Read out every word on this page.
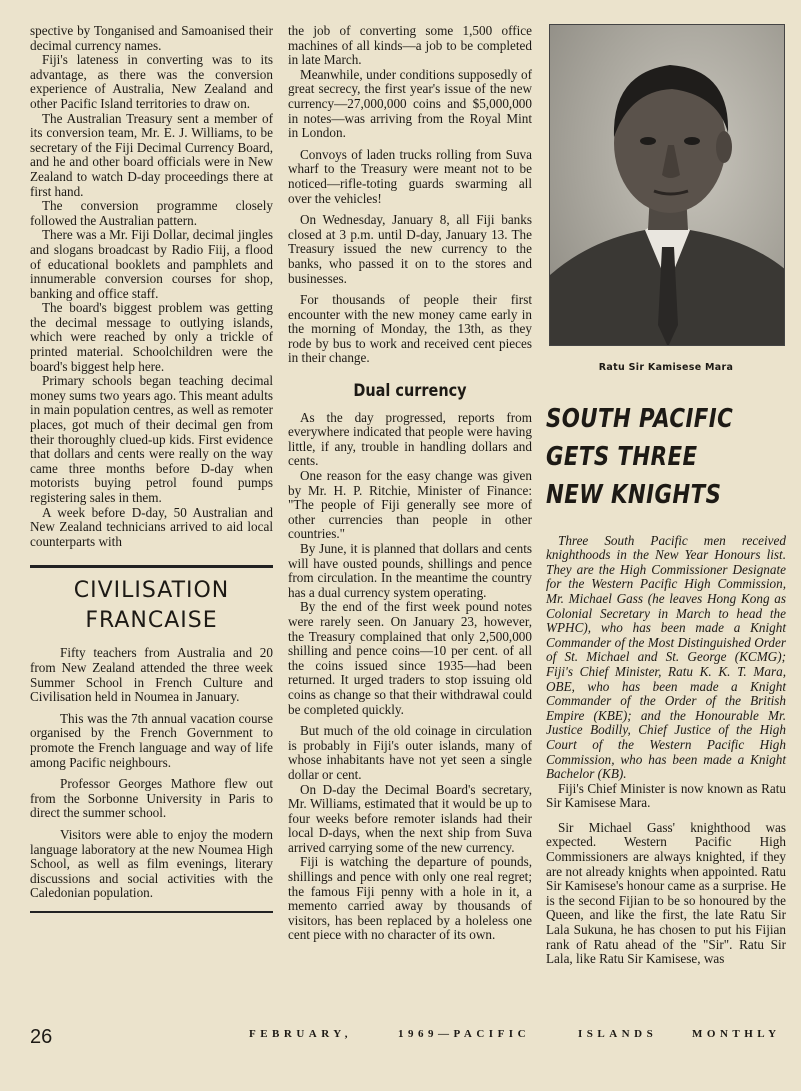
spective by Tonganised and Samoanised their decimal currency names.

Fiji's lateness in converting was to its advantage, as there was the conversion experience of Australia, New Zealand and other Pacific Island territories to draw on.

The Australian Treasury sent a member of its conversion team, Mr. E. J. Williams, to be secretary of the Fiji Decimal Currency Board, and he and other board officials were in New Zealand to watch D-day proceedings there at first hand.

The conversion programme closely followed the Australian pattern.

There was a Mr. Fiji Dollar, decimal jingles and slogans broadcast by Radio Fiij, a flood of educational booklets and pamphlets and innumerable conversion courses for shop, banking and office staff.

The board's biggest problem was getting the decimal message to outlying islands, which were reached by only a trickle of printed material. Schoolchildren were the board's biggest help here.

Primary schools began teaching decimal money sums two years ago. This meant adults in main population centres, as well as remoter places, got much of their decimal gen from their thoroughly clued-up kids. First evidence that dollars and cents were really on the way came three months before D-day when motorists buying petrol found pumps registering sales in them.

A week before D-day, 50 Australian and New Zealand technicians arrived to aid local counterparts with

CIVILISATION
FRANCAISE

Fifty teachers from Australia and 20 from New Zealand attended the three week Summer School in French Culture and Civilisation held in Noumea in January.

This was the 7th annual vacation course organised by the French Government to promote the French language and way of life among Pacific neighbours.

Professor Georges Mathore flew out from the Sorbonne University in Paris to direct the summer school.

Visitors were able to enjoy the modern language laboratory at the new Noumea High School, as well as film evenings, literary discussions and social activities with the Caledonian population.

the job of converting some 1,500 office machines of all kinds—a job to be completed in late March.

Meanwhile, under conditions supposedly of great secrecy, the first year's issue of the new currency—27,000,000 coins and $5,000,000 in notes—was arriving from the Royal Mint in London.

Convoys of laden trucks rolling from Suva wharf to the Treasury were meant not to be noticed—rifle-toting guards swarming all over the vehicles!

On Wednesday, January 8, all Fiji banks closed at 3 p.m. until D-day, January 13. The Treasury issued the new currency to the banks, who passed it on to the stores and businesses.

For thousands of people their first encounter with the new money came early in the morning of Monday, the 13th, as they rode by bus to work and received cent pieces in their change.

Dual currency

As the day progressed, reports from everywhere indicated that people were having little, if any, trouble in handling dollars and cents.

One reason for the easy change was given by Mr. H. P. Ritchie, Minister of Finance: "The people of Fiji generally see more of other currencies than people in other countries."

By June, it is planned that dollars and cents will have ousted pounds, shillings and pence from circulation. In the meantime the country has a dual currency system operating.

By the end of the first week pound notes were rarely seen. On January 23, however, the Treasury complained that only 2,500,000 shilling and pence coins—10 per cent. of all the coins issued since 1935—had been returned. It urged traders to stop issuing old coins as change so that their withdrawal could be completed quickly.

But much of the old coinage in circulation is probably in Fiji's outer islands, many of whose inhabitants have not yet seen a single dollar or cent.

On D-day the Decimal Board's secretary, Mr. Williams, estimated that it would be up to four weeks before remoter islands had their local D-days, when the next ship from Suva arrived carrying some of the new currency.

Fiji is watching the departure of pounds, shillings and pence with only one real regret; the famous Fiji penny with a hole in it, a memento carried away by thousands of visitors, has been replaced by a holeless one cent piece with no character of its own.

Ratu Sir Kamisese Mara
SOUTH PACIFIC
GETS THREE
NEW KNIGHTS

Three South Pacific men received knighthoods in the New Year Honours list. They are the High Commissioner Designate for the Western Pacific High Commission, Mr. Michael Gass (he leaves Hong Kong as Colonial Secretary in March to head the WPHC), who has been made a Knight Commander of the Most Distinguished Order of St. Michael and St. George (KCMG); Fiji's Chief Minister, Ratu K. K. T. Mara, OBE, who has been made a Knight Commander of the Order of the British Empire (KBE); and the Honourable Mr. Justice Bodilly, Chief Justice of the High Court of the Western Pacific High Commission, who has been made a Knight Bachelor (KB).

Fiji's Chief Minister is now known as Ratu Sir Kamisese Mara.

Sir Michael Gass' knighthood was expected. Western Pacific High Commissioners are always knighted, if they are not already knights when appointed. Ratu Sir Kamisese's honour came as a surprise. He is the second Fijian to be so honoured by the Queen, and like the first, the late Ratu Sir Lala Sukuna, he has chosen to put his Fijian rank of Ratu ahead of the "Sir". Ratu Sir Lala, like Ratu Sir Kamisese, was

26	FEBRUARY,	1969—PACIFIC	ISLANDS	MONTHLY
